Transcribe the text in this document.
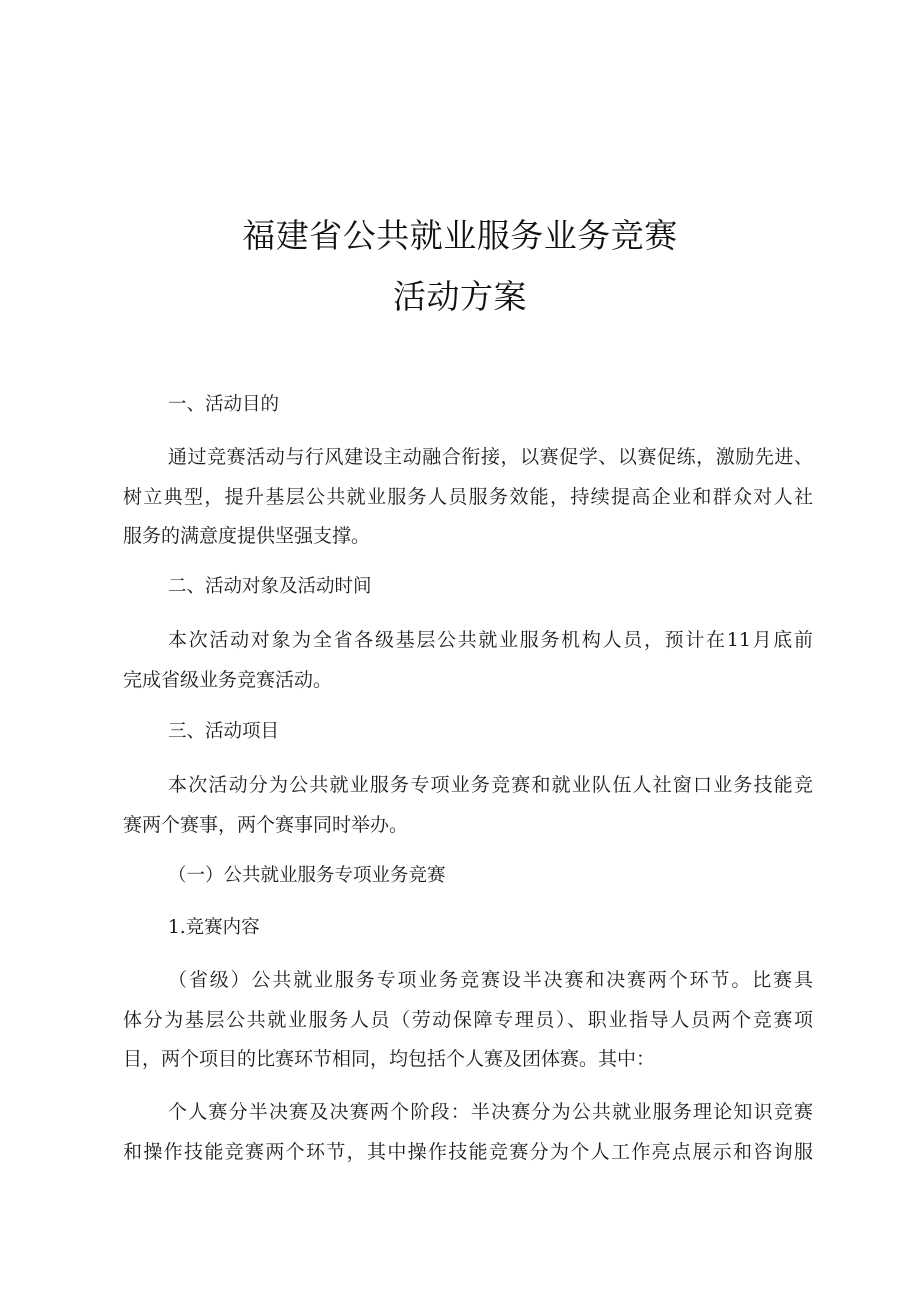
福建省公共就业服务业务竞赛
活动方案
一、活动目的
通过竞赛活动与行风建设主动融合衔接，以赛促学、以赛促练，激励先进、
树立典型，提升基层公共就业服务人员服务效能，持续提高企业和群众对人社
服务的满意度提供坚强支撑。
二、活动对象及活动时间
本次活动对象为全省各级基层公共就业服务机构人员，预计在11月底前
完成省级业务竞赛活动。
三、活动项目
本次活动分为公共就业服务专项业务竞赛和就业队伍人社窗口业务技能竞
赛两个赛事，两个赛事同时举办。
（一）公共就业服务专项业务竞赛
1.竞赛内容
（省级）公共就业服务专项业务竞赛设半决赛和决赛两个环节。比赛具
体分为基层公共就业服务人员（劳动保障专理员）、职业指导人员两个竞赛项
目，两个项目的比赛环节相同，均包括个人赛及团体赛。其中：
个人赛分半决赛及决赛两个阶段：半决赛分为公共就业服务理论知识竞赛
和操作技能竞赛两个环节，其中操作技能竞赛分为个人工作亮点展示和咨询服
